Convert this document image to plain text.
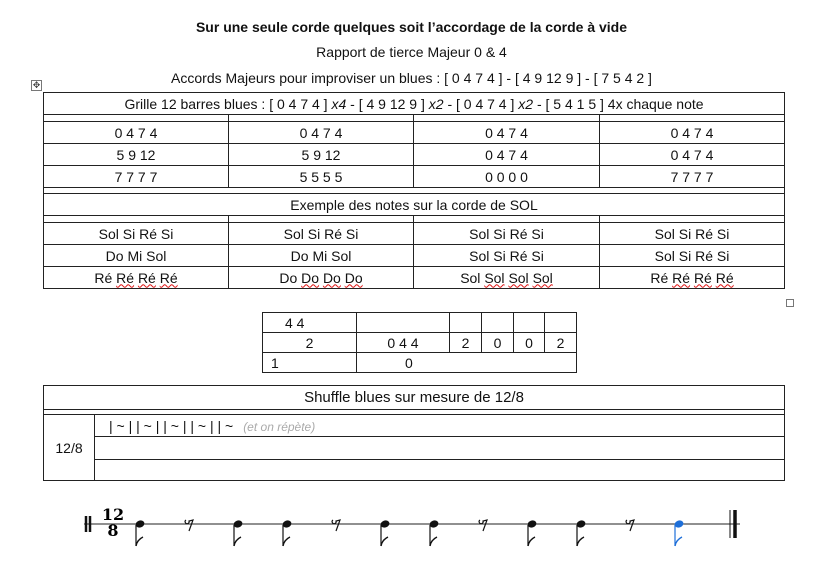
Sur une seule corde quelques soit l’accordage de la corde à vide
Rapport de tierce Majeur 0 & 4
Accords Majeurs pour improviser un blues : [ 0 4 7 4 ] - [ 4 9 12 9 ] - [ 7 5 4 2 ]
✥
Grille 12 barres blues : [ 0 4 7 4 ] x4 - [ 4 9 12 9 ] x2 - [ 0 4 7 4 ] x2 - [ 5 4 1 5 ] 4x chaque note			

0 4 7 4	0 4 7 4	0 4 7 4	0 4 7 4
5 9 12	5 9 12	0 4 7 4	0 4 7 4
7 7 7 7	5 5 5 5	0 0 0 0	7 7 7 7

Exemple des notes sur la corde de SOL			

Sol Si Ré Si	Sol Si Ré Si	Sol Si Ré Si	Sol Si Ré Si
Do Mi Sol	Do Mi Sol	Sol Si Ré Si	Sol Si Ré Si
Ré Ré Ré Ré	Do Do Do Do	Sol Sol Sol Sol	Ré Ré Ré Ré
4 4					
2	0 4 4	2	0	0	2
1	0				
Shuffle blues sur mesure de 12/8

12/8	| ~ | | ~ | | ~ | | ~ | | ~ (et on répète)

12
8
